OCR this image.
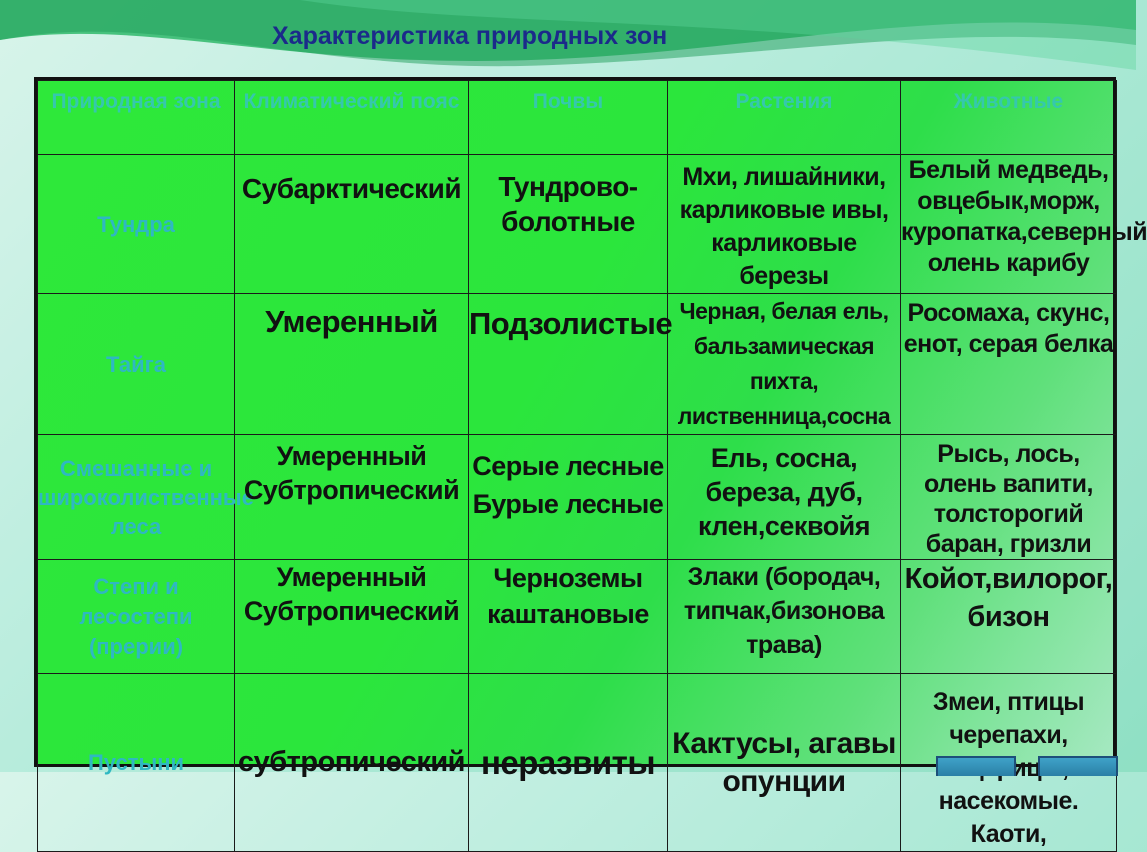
Характеристика природных зон
Природная зона	Климатический пояс	Почвы	Растения	Животные
Тундра	Субарктический	Тундрово-болотные	Мхи, лишайники, карликовые ивы, карликовые березы	Белый медведь, овцебык,морж, куропатка,северный олень карибу
Тайга	Умеренный	Подзолистые	Черная, белая ель, бальзамическая пихта, лиственница,сосна	Росомаха, скунс, енот, серая белка
Смешанные и широколиственные леса	Умеренный Субтропический	Серые лесные Бурые лесные	Ель, сосна, береза, дуб, клен,секвойя	Рысь, лось, олень вапити, толсторогий баран, гризли
Степи и лесостепи (прерии)	Умеренный Субтропический	Черноземы каштановые	Злаки (бородач, типчак,бизонова трава)	Койот,вилорог, бизон
Пустыни	субтропический	неразвиты	Кактусы, агавы опунции	Змеи, птицы черепахи, насекомые. Каоти,
